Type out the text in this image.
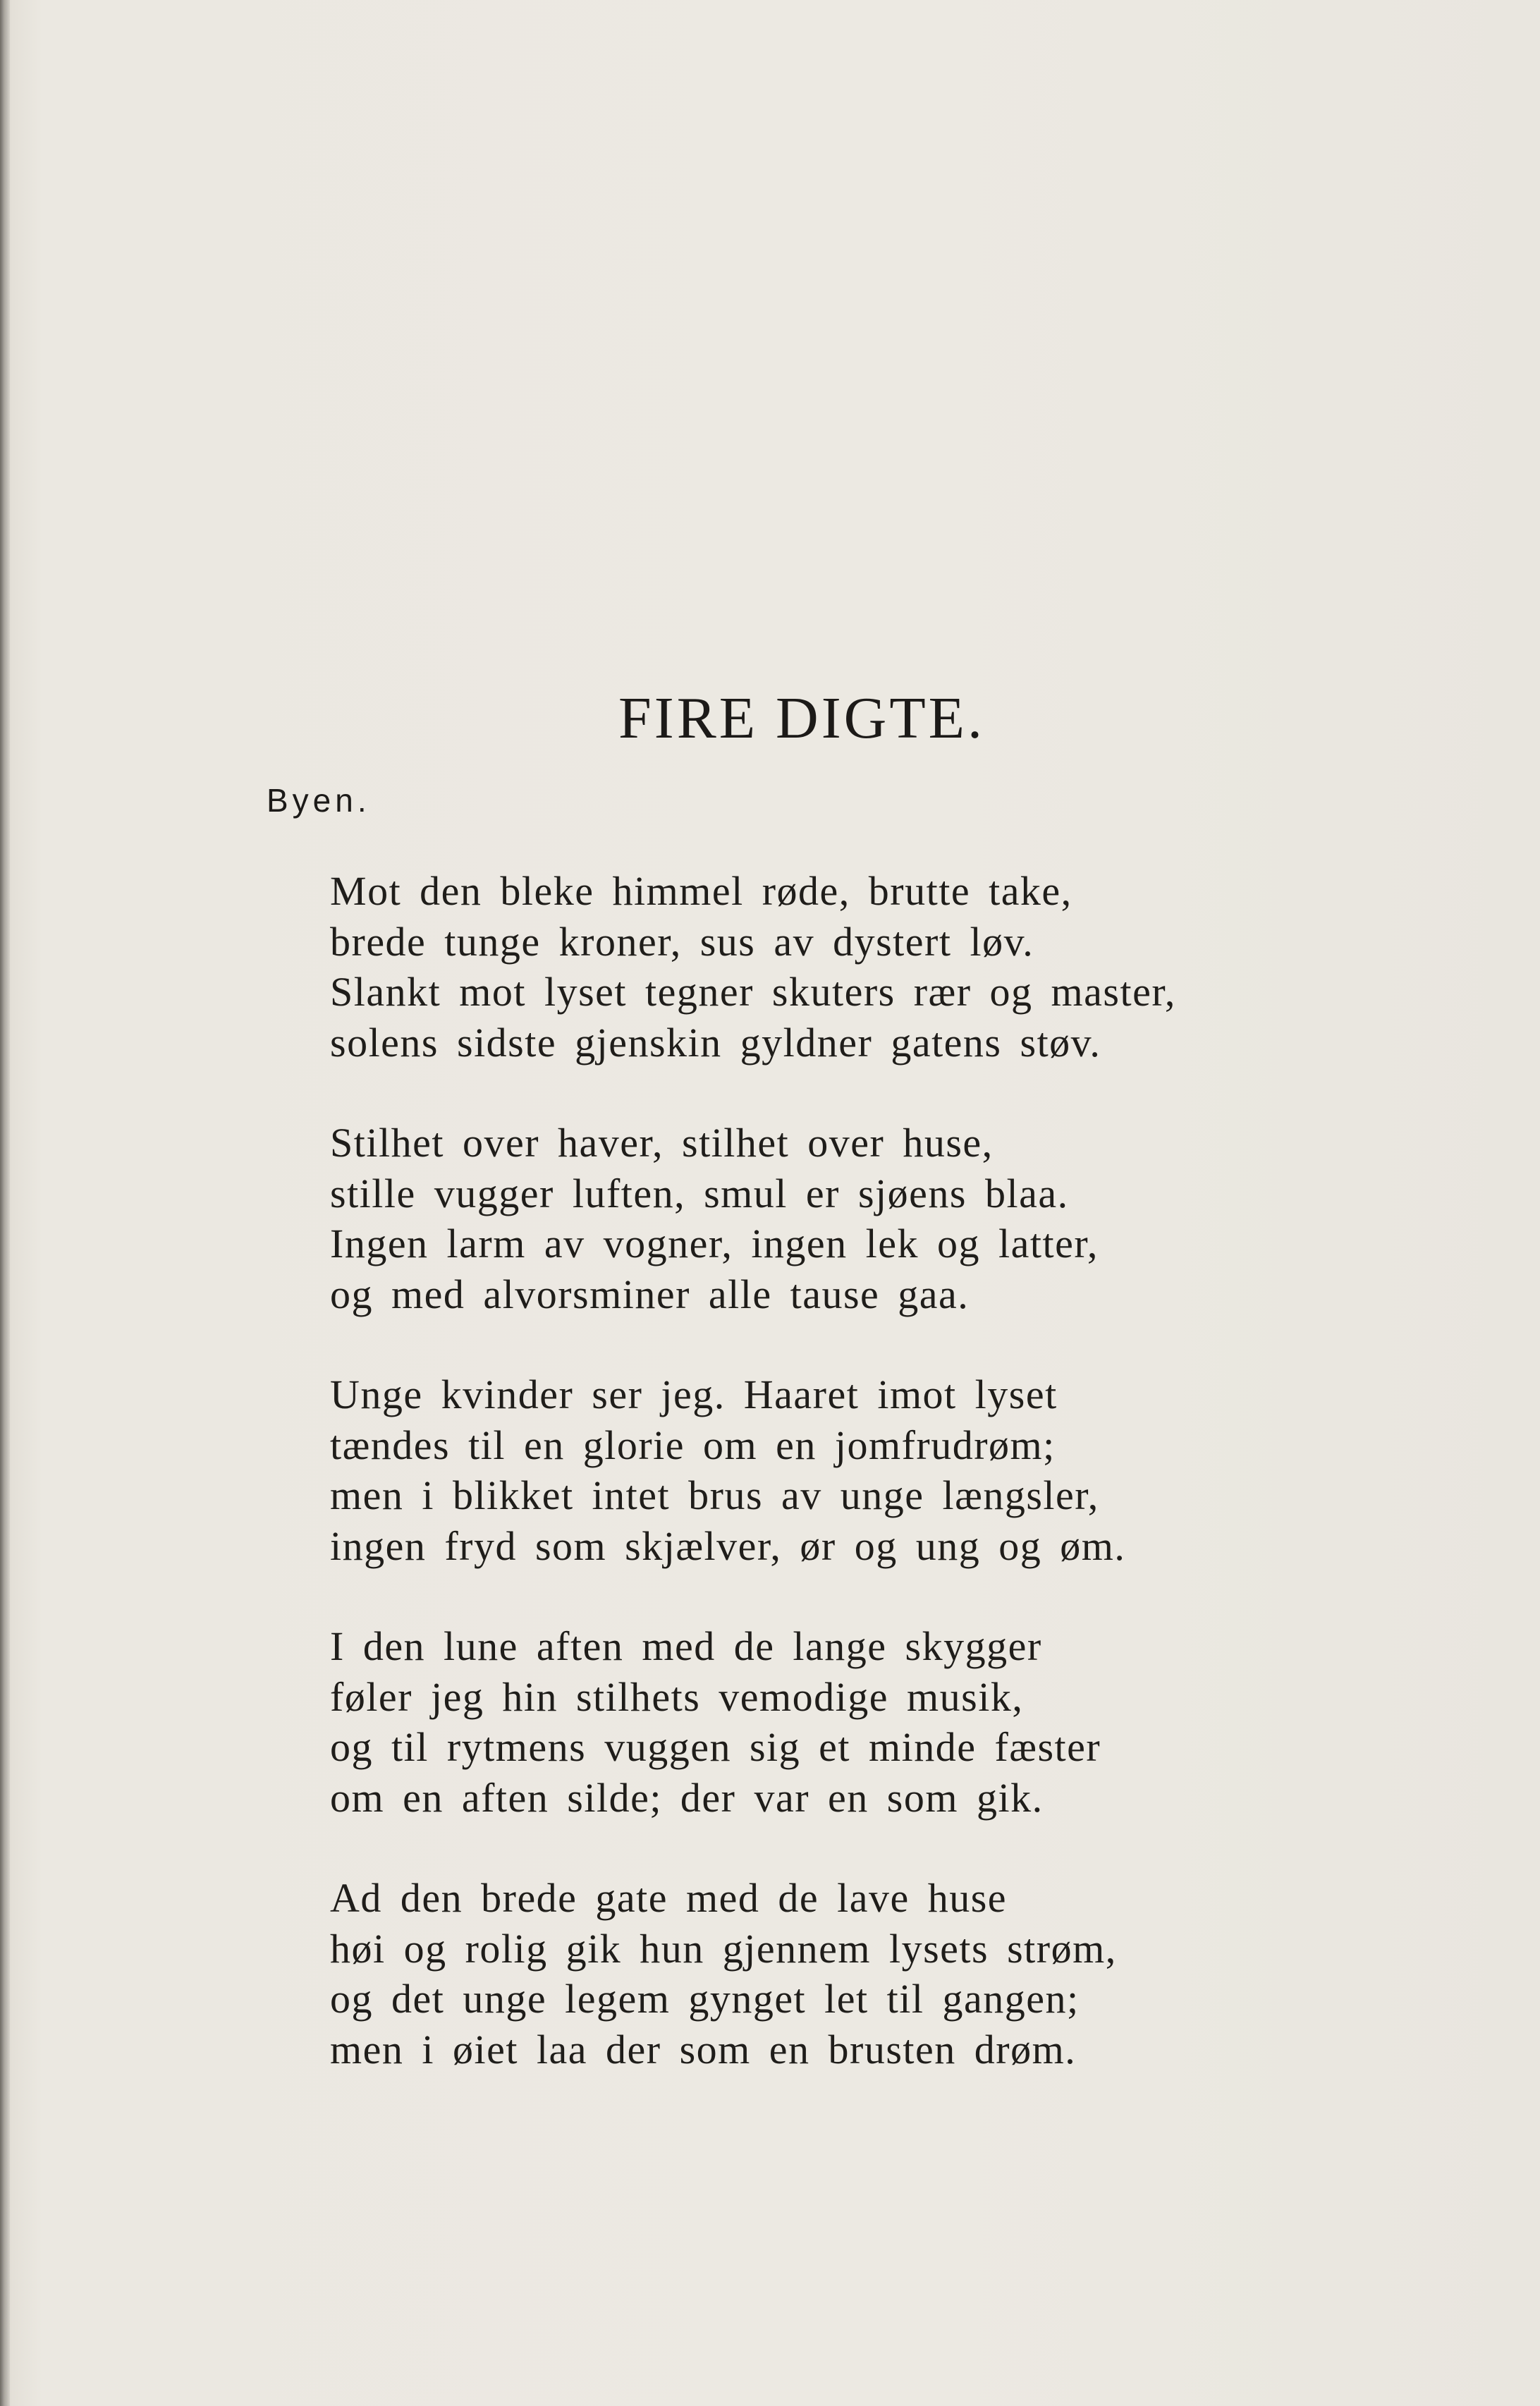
FIRE DIGTE.
Byen.
Mot den bleke himmel røde, brutte take,
brede tunge kroner, sus av dystert løv.
Slankt mot lyset tegner skuters rær og master,
solens sidste gjenskin gyldner gatens støv.
Stilhet over haver, stilhet over huse,
stille vugger luften, smul er sjøens blaa.
Ingen larm av vogner, ingen lek og latter,
og med alvorsminer alle tause gaa.
Unge kvinder ser jeg. Haaret imot lyset
tændes til en glorie om en jomfrudrøm;
men i blikket intet brus av unge længsler,
ingen fryd som skjælver, ør og ung og øm.
I den lune aften med de lange skygger
føler jeg hin stilhets vemodige musik,
og til rytmens vuggen sig et minde fæster
om en aften silde; der var en som gik.
Ad den brede gate med de lave huse
høi og rolig gik hun gjennem lysets strøm,
og det unge legem gynget let til gangen;
men i øiet laa der som en brusten drøm.
